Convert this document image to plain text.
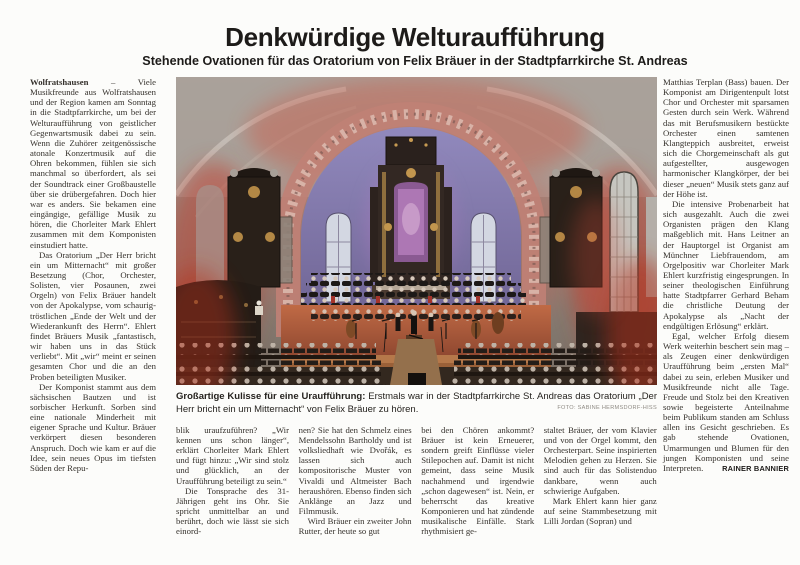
Denkwürdige Welturaufführung
Stehende Ovationen für das Oratorium von Felix Bräuer in der Stadtpfarrkirche St. Andreas

Wolfratshausen – Viele Musikfreunde aus Wolfratshausen und der Region kamen am Sonntag in die Stadtpfarrkirche, um bei der Welturaufführung von geistlicher Gegenwartsmusik dabei zu sein. Wenn die Zuhörer zeitgenössische atonale Konzertmusik auf die Ohren bekommen, fühlen sie sich manchmal so überfordert, als sei der Soundtrack einer Großbaustelle über sie drübergefahren. Doch hier war es anders. Sie bekamen eine eingängige, gefällige Musik zu hören, die Chorleiter Mark Ehlert zusammen mit dem Komponisten einstudiert hatte.

Das Oratorium „Der Herr bricht ein um Mitternacht“ mit großer Besetzung (Chor, Orchester, Solisten, vier Posaunen, zwei Orgeln) von Felix Bräuer handelt von der Apokalypse, vom schaurig-tröstlichen „Ende der Welt und der Wiederankunft des Herrn“. Ehlert findet Bräuers Musik „fantastisch, wir haben uns in das Stück verliebt“. Mit „wir“ meint er seinen gesamten Chor und die an den Proben beteiligten Musiker.

Der Komponist stammt aus dem sächsischen Bautzen und ist sorbischer Herkunft. Sorben sind eine nationale Minderheit mit eigener Sprache und Kultur. Bräuer verkörpert diesen besonderen Anspruch. Doch wie kam er auf die Idee, sein neues Opus im tiefsten Süden der Repu-

Großartige Kulisse für eine Uraufführung: Erstmals war in der Stadtpfarrkirche St. Andreas das Oratorium „Der Herr bricht ein um Mitternacht“ von Felix Bräuer zu hören.	FOTO: SABINE HERMSDORF-HISS

blik uraufzuführen? „Wir kennen uns schon länger“, erklärt Chorleiter Mark Ehlert und fügt hinzu: „Wir sind stolz und glücklich, an der Uraufführung beteiligt zu sein.“

Die Tonsprache des 31-Jährigen geht ins Ohr. Sie spricht unmittelbar an und berührt, doch wie lässt sie sich einord-

nen? Sie hat den Schmelz eines Mendelssohn Bartholdy und ist volksliedhaft wie Dvořák, es lassen sich auch kompositorische Muster von Vivaldi und Altmeister Bach heraushören. Ebenso finden sich Anklänge an Jazz und Filmmusik.

Wird Bräuer ein zweiter John Rutter, der heute so gut

bei den Chören ankommt? Bräuer ist kein Erneuerer, sondern greift Einflüsse vieler Stilepochen auf. Damit ist nicht gemeint, dass seine Musik nachahmend und irgendwie „schon dagewesen“ ist. Nein, er beherrscht das kreative Komponieren und hat zündende musikalische Einfälle. Stark rhythmisiert ge-

staltet Bräuer, der vom Klavier und von der Orgel kommt, den Orchesterpart. Seine inspirierten Melodien gehen zu Herzen. Sie sind auch für das Solistenduo dankbare, wenn auch schwierige Aufgaben.

Mark Ehlert kann hier ganz auf seine Stammbesetzung mit Lilli Jordan (Sopran) und

Matthias Terplan (Bass) bauen. Der Komponist am Dirigentenpult lotst Chor und Orchester mit sparsamen Gesten durch sein Werk. Während das mit Berufsmusikern bestückte Orchester einen samtenen Klangteppich ausbreitet, erweist sich die Chorgemeinschaft als gut aufgestellter, ausgewogen harmonischer Klangkörper, der bei dieser „neuen“ Musik stets ganz auf der Höhe ist.

Die intensive Probenarbeit hat sich ausgezahlt. Auch die zwei Organisten prägen den Klang maßgeblich mit. Hans Leitner an der Hauptorgel ist Organist am Münchner Liebfrauendom, am Orgelpositiv war Chorleiter Mark Ehlert kurzfristig eingesprungen. In seiner theologischen Einführung hatte Stadtpfarrer Gerhard Beham die christliche Deutung der Apokalypse als „Nacht der endgültigen Erlösung“ erklärt.

Egal, welcher Erfolg diesem Werk weiterhin beschert sein mag – als Zeugen einer denkwürdigen Uraufführung beim „ersten Mal“ dabei zu sein, erleben Musiker und Musikfreunde nicht alle Tage. Freude und Stolz bei den Kreativen sowie begeisterte Anteilnahme beim Publikum standen am Schluss allen ins Gesicht geschrieben. Es gab stehende Ovationen, Umarmungen und Blumen für den jungen Komponisten und seine Interpreten.	RAINER BANNIER
